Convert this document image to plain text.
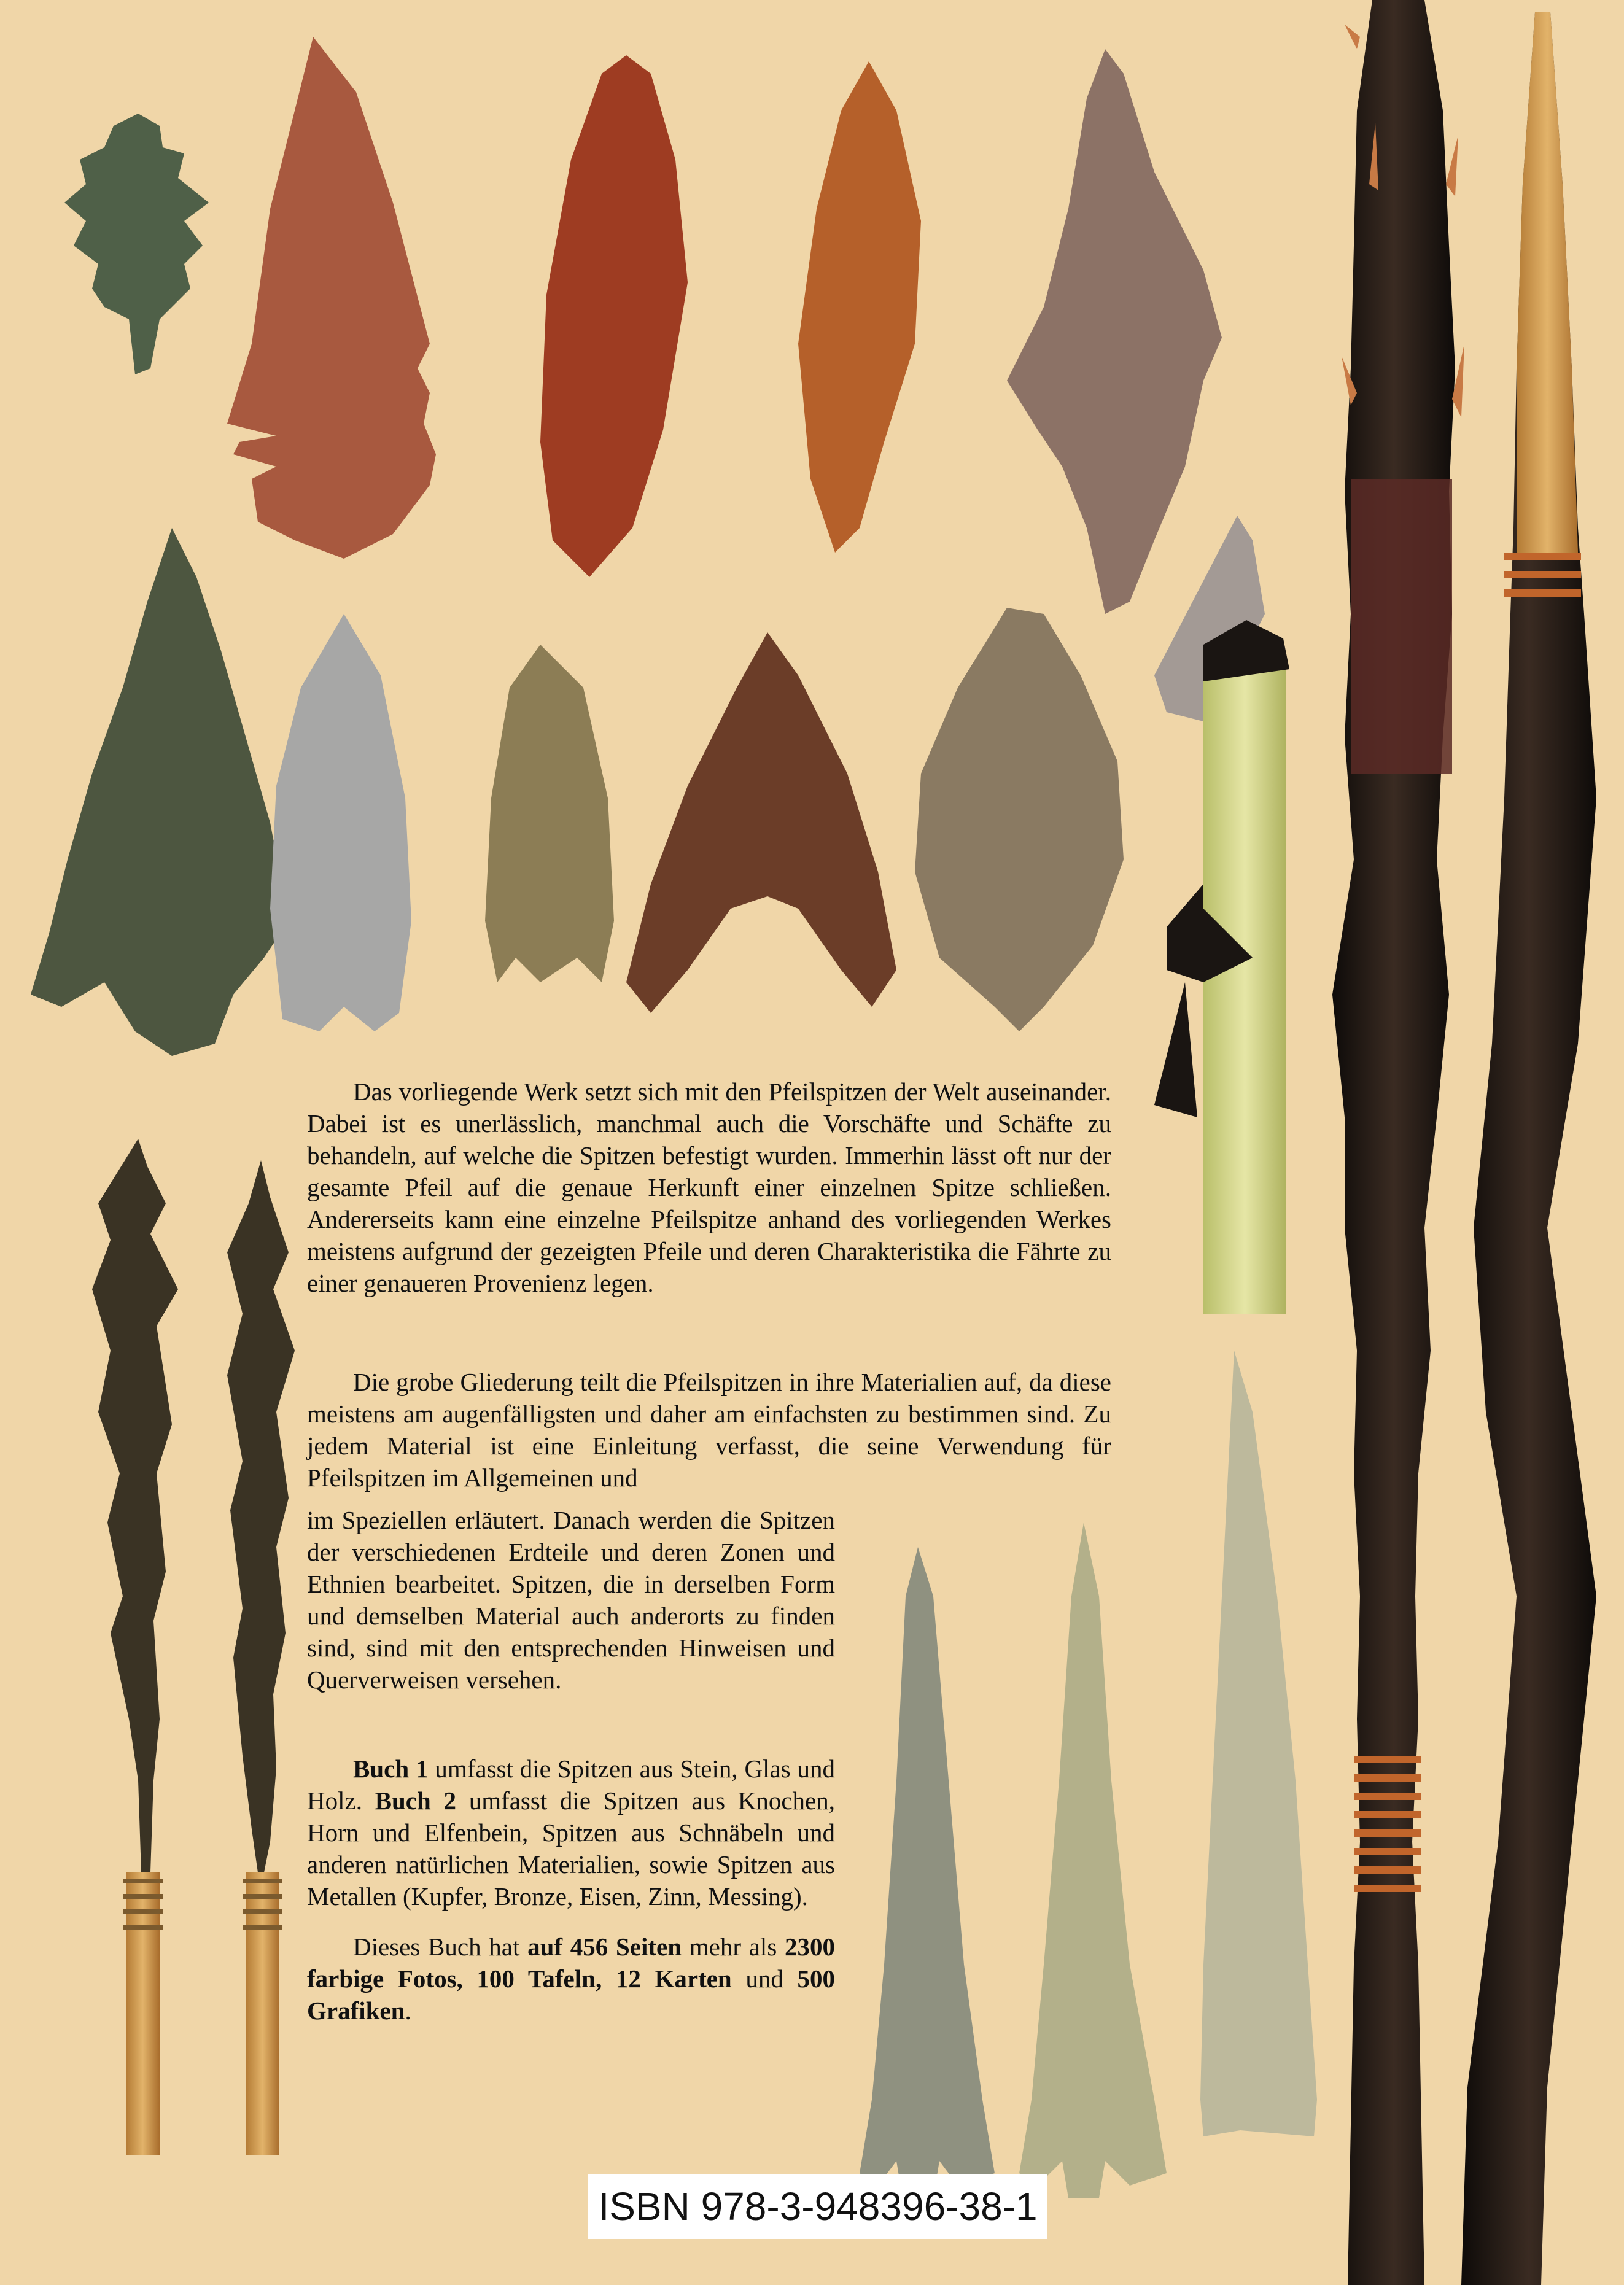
Das vorliegende Werk setzt sich mit den Pfeilspitzen der Welt auseinander. Dabei ist es unerlässlich, manchmal auch die Vorschäfte und Schäfte zu behandeln, auf welche die Spitzen befestigt wurden. Immerhin lässt oft nur der gesamte Pfeil auf die genaue Herkunft einer einzelnen Spitze schließen. Andererseits kann eine einzelne Pfeilspitze anhand des vorliegenden Werkes meistens aufgrund der gezeigten Pfeile und deren Charakteristika die Fährte zu einer genaueren Provenienz legen.

Die grobe Gliederung teilt die Pfeilspitzen in ihre Materialien auf, da diese meistens am augenfälligsten und daher am einfachsten zu bestimmen sind. Zu jedem Material ist eine Einleitung verfasst, die seine Verwendung für Pfeilspitzen im Allgemeinen und

im Speziellen erläutert. Danach werden die Spitzen der verschiedenen Erdteile und deren Zonen und Ethnien bearbeitet. Spitzen, die in derselben Form und demselben Material auch anderorts zu finden sind, sind mit den entsprechenden Hinweisen und Querverweisen versehen.

Buch 1 umfasst die Spitzen aus Stein, Glas und Holz. Buch 2 umfasst die Spitzen aus Knochen, Horn und Elfenbein, Spitzen aus Schnäbeln und anderen natürlichen Materialien, sowie Spitzen aus Metallen (Kupfer, Bronze, Eisen, Zinn, Messing).

Dieses Buch hat auf 456 Seiten mehr als 2300 farbige Fotos, 100 Tafeln, 12 Karten und 500 Grafiken.

ISBN 978-3-948396-38-1
